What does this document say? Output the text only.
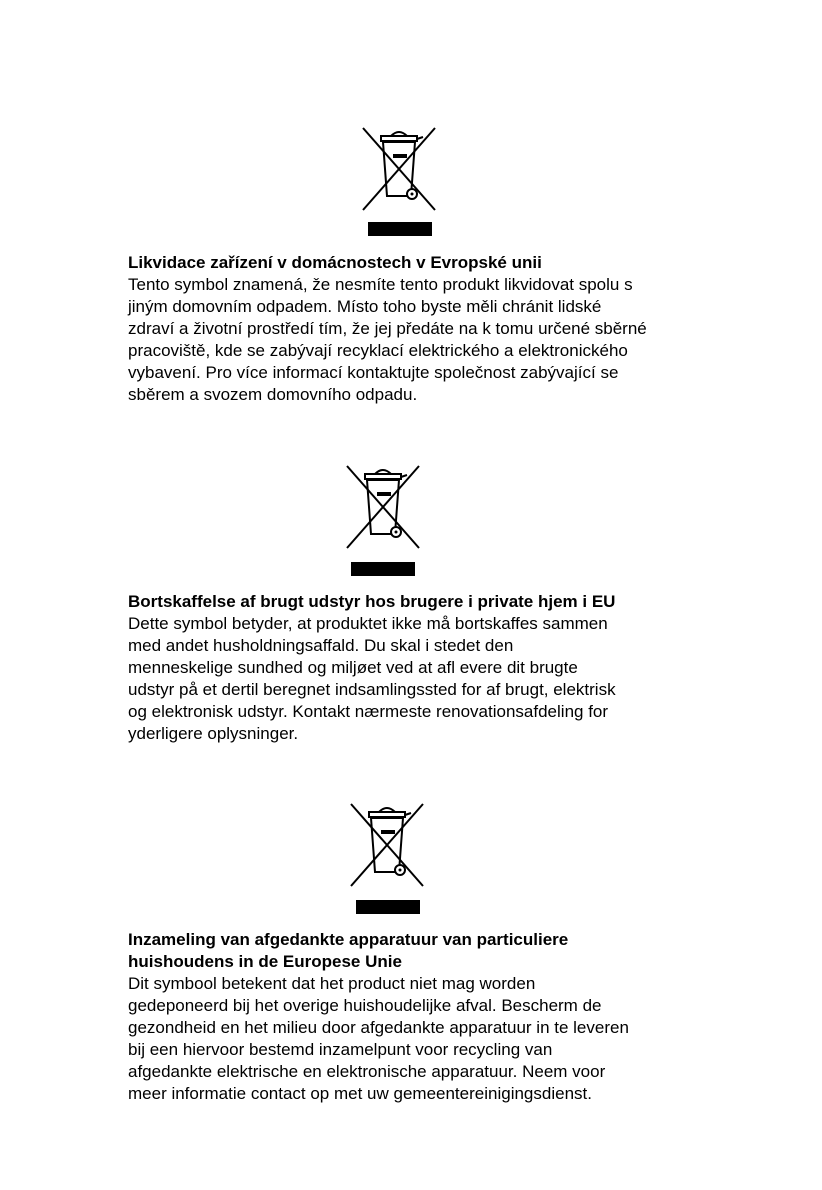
Likvidace zařízení v domácnostech v Evropské unii

Tento symbol znamená, že nesmíte tento produkt likvidovat spolu s
jiným domovním odpadem. Místo toho byste měli chránit lidské
zdraví a životní prostředí tím, že jej předáte na k tomu určené sběrné
pracoviště, kde se zabývají recyklací elektrického a elektronického
vybavení. Pro více informací kontaktujte společnost zabývající se
sběrem a svozem domovního odpadu.

Bortskaffelse af brugt udstyr hos brugere i private hjem i EU

Dette symbol betyder, at produktet ikke må bortskaffes sammen
med andet husholdningsaffald. Du skal i stedet den
menneskelige sundhed og miljøet ved at afl evere dit brugte
udstyr på et dertil beregnet indsamlingssted for af brugt, elektrisk
og elektronisk udstyr. Kontakt nærmeste renovationsafdeling for
yderligere oplysninger.

Inzameling van afgedankte apparatuur van particuliere
huishoudens in de Europese Unie

Dit symbool betekent dat het product niet mag worden
gedeponeerd bij het overige huishoudelijke afval. Bescherm de
gezondheid en het milieu door afgedankte apparatuur in te leveren
bij een hiervoor bestemd inzamelpunt voor recycling van
afgedankte elektrische en elektronische apparatuur. Neem voor
meer informatie contact op met uw gemeentereinigingsdienst.
